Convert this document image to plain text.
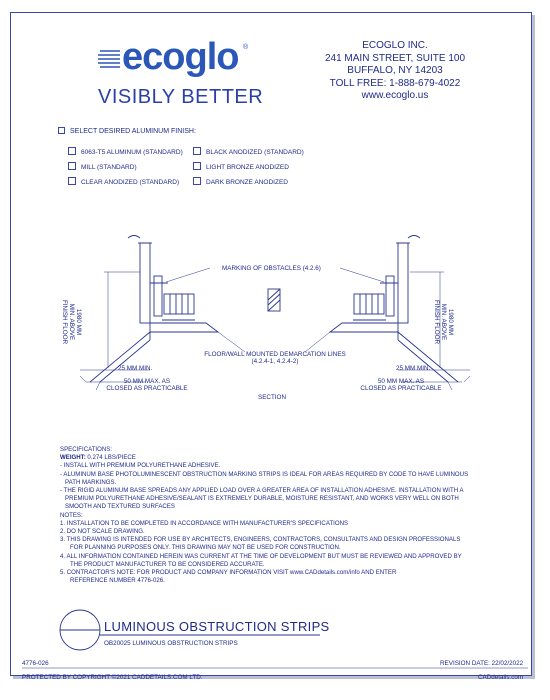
ecoglo ®
VISIBLY BETTER
ECOGLO INC.
241 MAIN STREET, SUITE 100
BUFFALO, NY 14203
TOLL FREE: 1-888-679-4022
www.ecoglo.us
SELECT DESIRED ALUMINUM FINISH:
6063-T5 ALUMINUM (STANDARD)
MILL (STANDARD)
CLEAR ANODIZED (STANDARD)
BLACK ANODIZED (STANDARD)
LIGHT BRONZE ANODIZED
DARK BRONZE ANODIZED
MARKING OF OBSTACLES (4.2.6)
1980 MM
MIN. ABOVE
FINISH FLOOR	1980 MM
MIN. ABOVE
FINISH FLOOR
FLOOR/WALL MOUNTED DEMARCATION LINES
(4.2.4-1, 4.2.4-2)
25 MM MIN.	25 MM MIN.
50 MM MAX. AS
CLOSED AS PRACTICABLE
50 MM MAX. AS
CLOSED AS PRACTICABLE
SECTION

SPECIFICATIONS:

WEIGHT: 0.274 LBS/PIECE

- INSTALL WITH PREMIUM POLYURETHANE ADHESIVE.

- ALUMINUM BASE PHOTOLUMINESCENT OBSTRUCTION MARKING STRIPS IS IDEAL FOR AREAS REQUIRED BY CODE TO HAVE LUMINOUS

PATH MARKINGS.

- THE RIGID ALUMINUM BASE SPREADS ANY APPLIED LOAD OVER A GREATER AREA OF INSTALLATION ADHESIVE. INSTALLATION WITH A

PREMIUM POLYURETHANE ADHESIVE/SEALANT IS EXTREMELY DURABLE, MOISTURE RESISTANT, AND WORKS VERY WELL ON BOTH

SMOOTH AND TEXTURED SURFACES

NOTES:

1. INSTALLATION TO BE COMPLETED IN ACCORDANCE WITH MANUFACTURER'S SPECIFICATIONS

2. DO NOT SCALE DRAWING.

3. THIS DRAWING IS INTENDED FOR USE BY ARCHITECTS, ENGINEERS, CONTRACTORS, CONSULTANTS AND DESIGN PROFESSIONALS

FOR PLANNING PURPOSES ONLY. THIS DRAWING MAY NOT BE USED FOR CONSTRUCTION.

4. ALL INFORMATION CONTAINED HEREIN WAS CURRENT AT THE TIME OF DEVELOPMENT BUT MUST BE REVIEWED AND APPROVED BY

THE PRODUCT MANUFACTURER TO BE CONSIDERED ACCURATE.

5. CONTRACTOR'S NOTE: FOR PRODUCT AND COMPANY INFORMATION VISIT www.CADdetails.com/info AND ENTER

REFERENCE NUMBER 4776-026.

LUMINOUS OBSTRUCTION STRIPS
OB20025 LUMINOUS OBSTRUCTION STRIPS
4776-026	REVISION DATE: 22/02/2022
PROTECTED BY COPYRIGHT ©2021 CADDETAILS.COM LTD.	CADdetails.com
